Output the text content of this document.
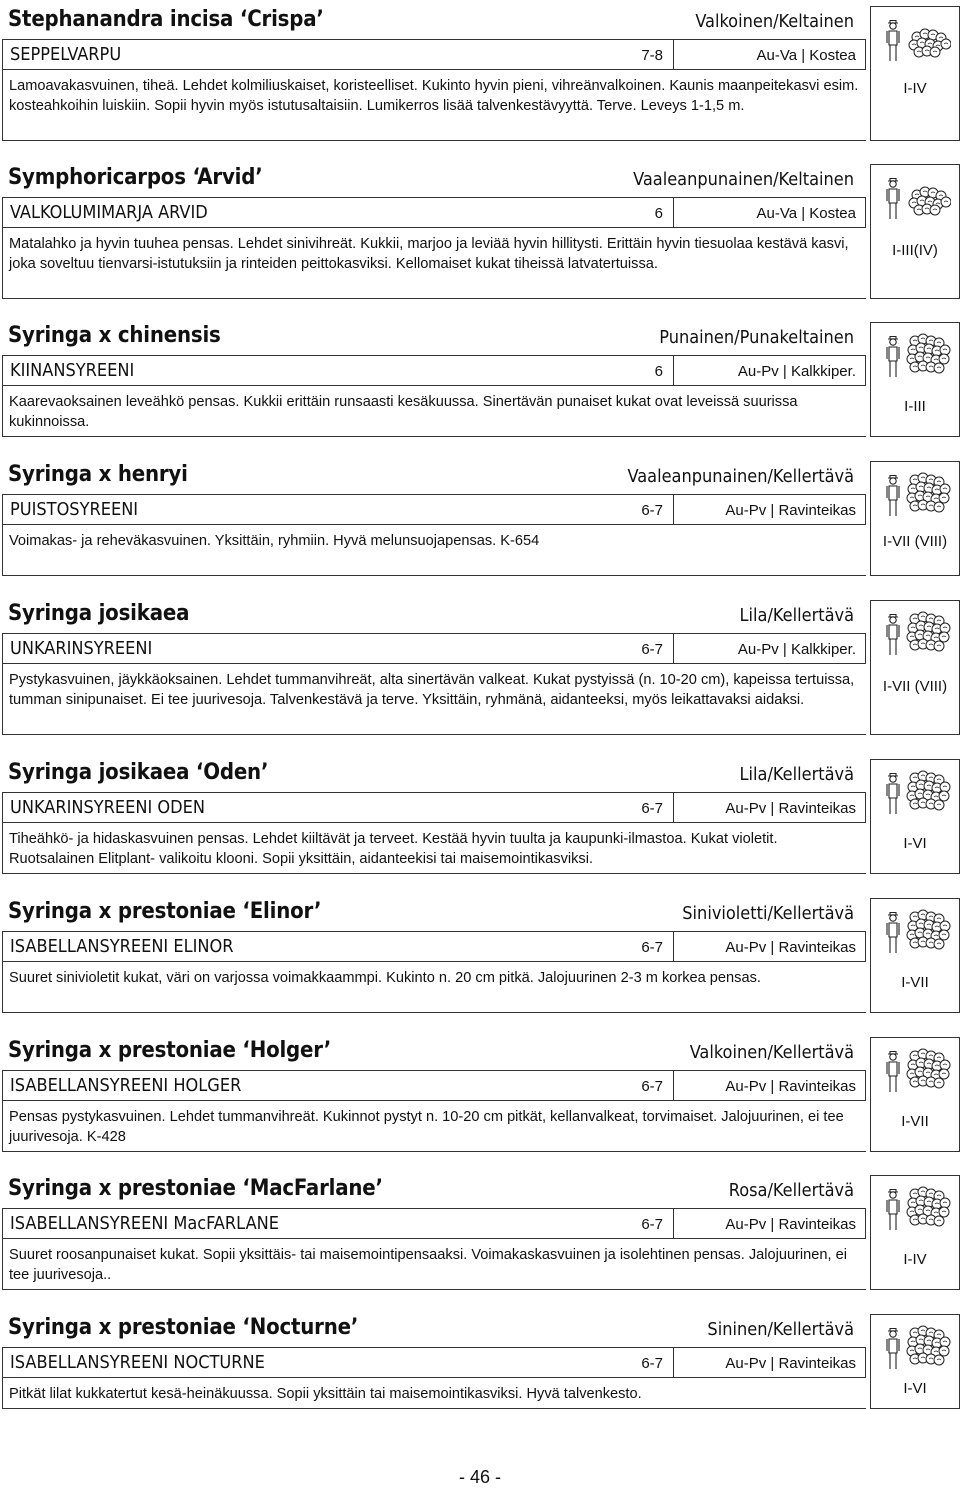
Stephanandra incisa ‘Crispa’	Valkoinen/Keltainen
SEPPELVARPU	7-8	Au-Va | Kostea
Lamoavakasvuinen, tiheä. Lehdet kolmiliuskaiset, koristeelliset. Kukinto hyvin pieni, vihreänvalkoinen. Kaunis maanpeitekasvi esim. kosteahkoihin luiskiin. Sopii hyvin myös istutusaltaisiin. Lumikerros lisää talvenkestävyyttä. Terve. Leveys 1-1,5 m.
I-IV
Symphoricarpos ‘Arvid’	Vaaleanpunainen/Keltainen
VALKOLUMIMARJA ARVID	6	Au-Va | Kostea
Matalahko ja hyvin tuuhea pensas. Lehdet sinivihreät. Kukkii, marjoo ja leviää hyvin hillitysti. Erittäin hyvin tiesuolaa kestävä kasvi, joka soveltuu tienvarsi-istutuksiin ja rinteiden peittokasviksi. Kellomaiset kukat tiheissä latvatertuissa.
I-III(IV)
Syringa x chinensis	Punainen/Punakeltainen
KIINANSYREENI	6	Au-Pv | Kalkkiper.
Kaarevaoksainen leveähkö pensas. Kukkii erittäin runsaasti kesäkuussa. Sinertävän punaiset kukat ovat leveissä suurissa kukinnoissa.
I-III
Syringa x henryi	Vaaleanpunainen/Kellertävä
PUISTOSYREENI	6-7	Au-Pv | Ravinteikas
Voimakas- ja reheväkasvuinen. Yksittäin, ryhmiin. Hyvä melunsuojapensas. K-654	I-VII (VIII)
Syringa josikaea	Lila/Kellertävä
UNKARINSYREENI	6-7	Au-Pv | Kalkkiper.
Pystykasvuinen, jäykkäoksainen. Lehdet tummanvihreät, alta sinertävän valkeat. Kukat pystyissä (n. 10-20 cm), kapeissa tertuissa, tumman sinipunaiset. Ei tee juurivesoja. Talvenkestävä ja terve. Yksittäin, ryhmänä, aidanteeksi, myös leikattavaksi aidaksi.
I-VII (VIII)
Syringa josikaea ‘Oden’	Lila/Kellertävä
UNKARINSYREENI ODEN	6-7	Au-Pv | Ravinteikas
Tiheähkö- ja hidaskasvuinen pensas. Lehdet kiiltävät ja terveet. Kestää hyvin tuulta ja kaupunki-ilmastoa. Kukat violetit. Ruotsalainen Elitplant- valikoitu klooni. Sopii yksittäin, aidanteekisi tai maisemointikasviksi.
I-VI
Syringa x prestoniae ‘Elinor’	Sinivioletti/Kellertävä
ISABELLANSYREENI ELINOR	6-7	Au-Pv | Ravinteikas
Suuret sinivioletit kukat, väri on varjossa voimakkaammpi. Kukinto n. 20 cm pitkä. Jalojuurinen 2-3 m korkea pensas.	I-VII
Syringa x prestoniae ‘Holger’	Valkoinen/Kellertävä
ISABELLANSYREENI HOLGER	6-7	Au-Pv | Ravinteikas
Pensas pystykasvuinen. Lehdet tummanvihreät. Kukinnot pystyt n. 10-20 cm pitkät, kellanvalkeat, torvimaiset. Jalojuurinen, ei tee juurivesoja. K-428
I-VII
Syringa x prestoniae ‘MacFarlane’	Rosa/Kellertävä
ISABELLANSYREENI MacFARLANE	6-7	Au-Pv | Ravinteikas
Suuret roosanpunaiset kukat. Sopii yksittäis- tai maisemointipensaaksi. Voimakaskasvuinen ja isolehtinen pensas. Jalojuurinen, ei tee juurivesoja..
I-IV
Syringa x prestoniae ‘Nocturne’	Sininen/Kellertävä
ISABELLANSYREENI NOCTURNE	6-7	Au-Pv | Ravinteikas
Pitkät lilat kukkatertut kesä-heinäkuussa. Sopii yksittäin tai maisemointikasviksi. Hyvä talvenkesto.	I-VI
- 46 -
